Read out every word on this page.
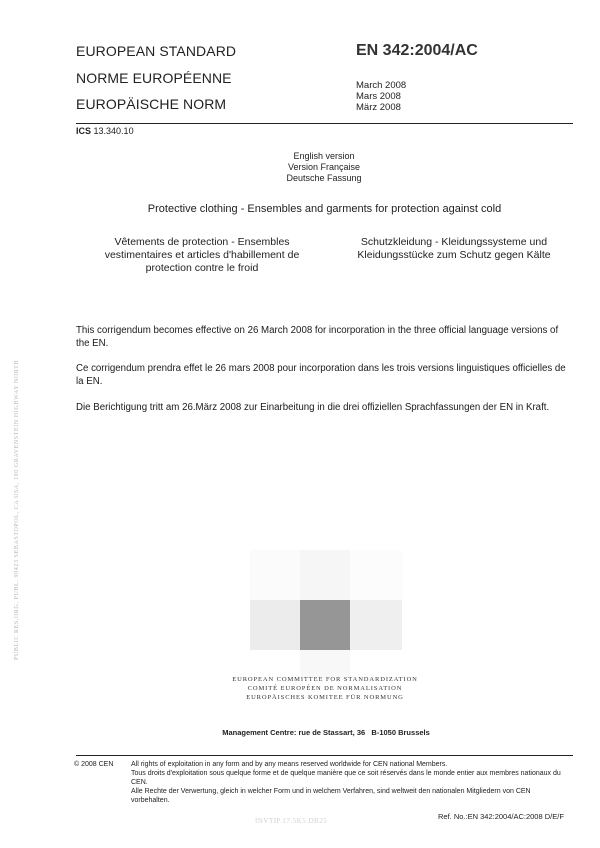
EUROPEAN STANDARD
NORME EUROPÉENNE
EUROPÄISCHE NORM
EN 342:2004/AC
March 2008
Mars 2008
März 2008
ICS 13.340.10
English version
Version Française
Deutsche Fassung
Protective clothing - Ensembles and garments for protection against cold
Vêtements de protection - Ensembles vestimentaires et articles d'habillement de protection contre le froid
Schutzkleidung - Kleidungssysteme und Kleidungsstücke zum Schutz gegen Kälte
This corrigendum becomes effective on 26 March 2008 for incorporation in the three official language versions of the EN.
Ce corrigendum prendra effet le 26 mars 2008 pour incorporation dans les trois versions linguistiques officielles de la EN.
Die Berichtigung tritt am 26.März 2008 zur Einarbeitung in die drei offiziellen Sprachfassungen der EN in Kraft.
PUBLIC RES.ORG, PUBL. 90423 SEBASTOPOL, CA USA, 100 GRAVENSTEIN HIGHWAY NORTH
EUROPEAN COMMITTEE FOR STANDARDIZATION
COMITÉ EUROPÉEN DE NORMALISATION
EUROPÄISCHES KOMITEE FÜR NORMUNG
Management Centre: rue de Stassart, 36   B-1050 Brussels
© 2008 CEN	All rights of exploitation in any form and by any means reserved worldwide for CEN national Members.
Tous droits d'exploitation sous quelque forme et de quelque manière que ce soit réservés dans le monde entier aux membres nationaux du CEN.
Alle Rechte der Verwertung, gleich in welcher Form und in welchem Verfahren, sind weltweit den nationalen Mitgliedern von CEN vorbehalten.
INVTIP.17.5K5.DB25	Ref. No.:EN 342:2004/AC:2008 D/E/F
